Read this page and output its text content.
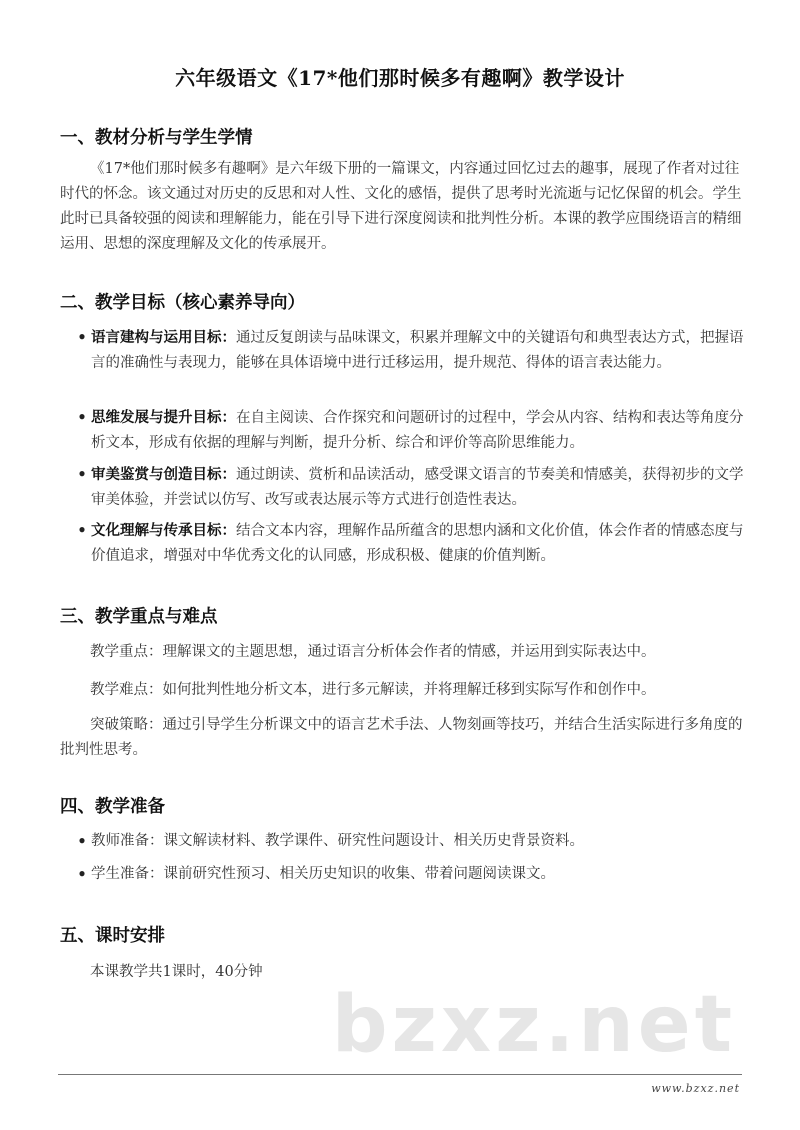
六年级语文《17*他们那时候多有趣啊》教学设计
一、教材分析与学生学情
《17*他们那时候多有趣啊》是六年级下册的一篇课文，内容通过回忆过去的趣事，展现了作者对过往时代的怀念。该文通过对历史的反思和对人性、文化的感悟，提供了思考时光流逝与记忆保留的机会。学生此时已具备较强的阅读和理解能力，能在引导下进行深度阅读和批判性分析。本课的教学应围绕语言的精细运用、思想的深度理解及文化的传承展开。
二、教学目标（核心素养导向）
• 语言建构与运用目标：通过反复朗读与品味课文，积累并理解文中的关键语句和典型表达方式，把握语言的准确性与表现力，能够在具体语境中进行迁移运用，提升规范、得体的语言表达能力。
• 思维发展与提升目标：在自主阅读、合作探究和问题研讨的过程中，学会从内容、结构和表达等角度分析文本，形成有依据的理解与判断，提升分析、综合和评价等高阶思维能力。
• 审美鉴赏与创造目标：通过朗读、赏析和品读活动，感受课文语言的节奏美和情感美，获得初步的文学审美体验，并尝试以仿写、改写或表达展示等方式进行创造性表达。
• 文化理解与传承目标：结合文本内容，理解作品所蕴含的思想内涵和文化价值，体会作者的情感态度与价值追求，增强对中华优秀文化的认同感，形成积极、健康的价值判断。
三、教学重点与难点
教学重点：理解课文的主题思想，通过语言分析体会作者的情感，并运用到实际表达中。
教学难点：如何批判性地分析文本，进行多元解读，并将理解迁移到实际写作和创作中。
突破策略：通过引导学生分析课文中的语言艺术手法、人物刻画等技巧，并结合生活实际进行多角度的批判性思考。
四、教学准备
• 教师准备：课文解读材料、教学课件、研究性问题设计、相关历史背景资料。
• 学生准备：课前研究性预习、相关历史知识的收集、带着问题阅读课文。
五、课时安排
本课教学共1课时，40分钟
bzxz.net
www.bzxz.net
